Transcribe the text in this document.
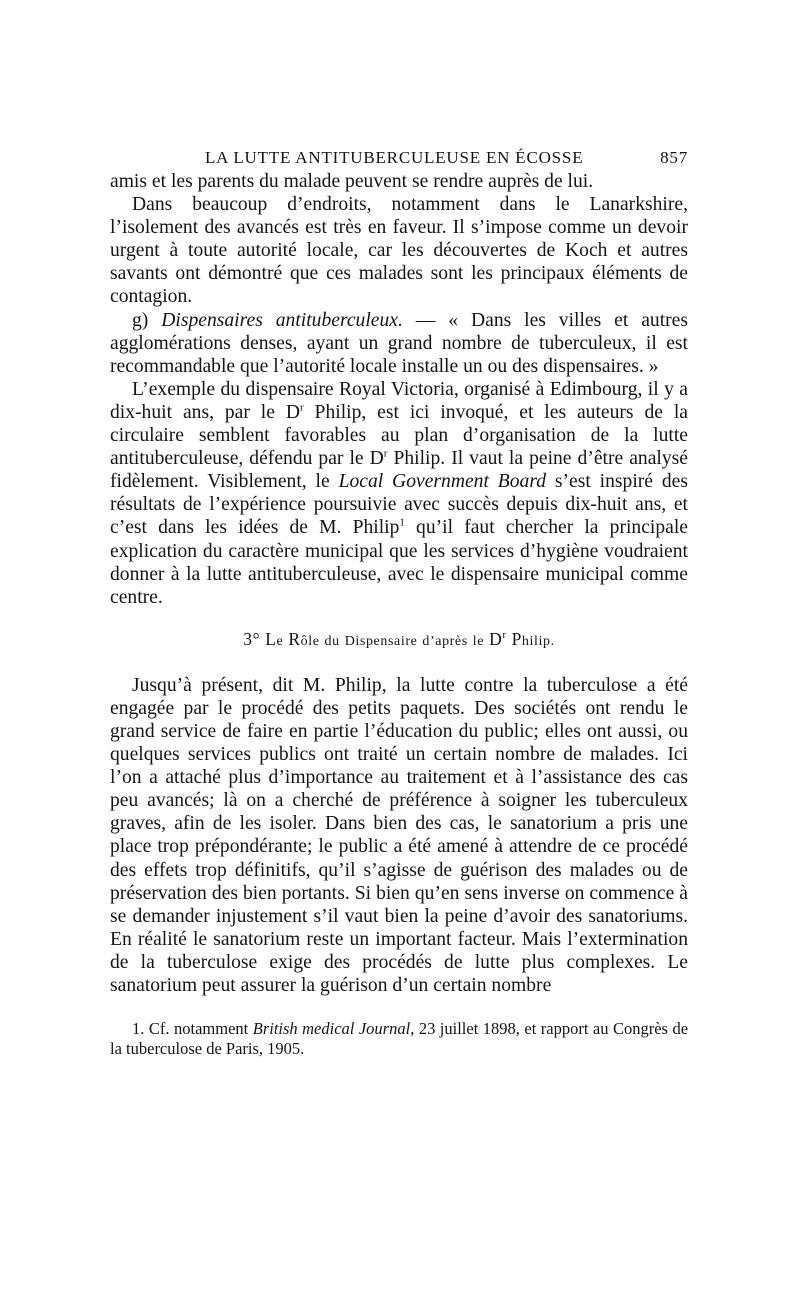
LA LUTTE ANTITUBERCULEUSE EN ÉCOSSE	857

amis et les parents du malade peuvent se rendre auprès de lui.

Dans beaucoup d’endroits, notamment dans le Lanarkshire, l’isolement des avancés est très en faveur. Il s’impose comme un devoir urgent à toute autorité locale, car les découvertes de Koch et autres savants ont démontré que ces malades sont les principaux éléments de contagion.

g) Dispensaires antituberculeux. — « Dans les villes et autres agglomérations denses, ayant un grand nombre de tuberculeux, il est recommandable que l’autorité locale installe un ou des dispensaires. »

L’exemple du dispensaire Royal Victoria, organisé à Edimbourg, il y a dix-huit ans, par le $D^r$ Philip, est ici invoqué, et les auteurs de la circulaire semblent favorables au plan d’organisation de la lutte antituberculeuse, défendu par le $D^r$ Philip. Il vaut la peine d’être analysé fidèlement. Visiblement, le Local Government Board s’est inspiré des résultats de l’expérience poursuivie avec succès depuis dix-huit ans, et c’est dans les idées de M. Philip$^1$ qu’il faut chercher la principale explication du caractère municipal que les services d’hygiène voudraient donner à la lutte antituberculeuse, avec le dispensaire municipal comme centre.

3° Le Rôle du Dispensaire d’après le $D^r$ Philip.

Jusqu’à présent, dit M. Philip, la lutte contre la tuberculose a été engagée par le procédé des petits paquets. Des sociétés ont rendu le grand service de faire en partie l’éducation du public; elles ont aussi, ou quelques services publics ont traité un certain nombre de malades. Ici l’on a attaché plus d’importance au traitement et à l’assistance des cas peu avancés; là on a cherché de préférence à soigner les tuberculeux graves, afin de les isoler. Dans bien des cas, le sanatorium a pris une place trop prépondérante; le public a été amené à attendre de ce procédé des effets trop définitifs, qu’il s’agisse de guérison des malades ou de préservation des bien portants. Si bien qu’en sens inverse on commence à se demander injustement s’il vaut bien la peine d’avoir des sanatoriums. En réalité le sanatorium reste un important facteur. Mais l’extermination de la tuberculose exige des procédés de lutte plus complexes. Le sanatorium peut assurer la guérison d’un certain nombre

1. Cf. notamment British medical Journal, 23 juillet 1898, et rapport au Congrès de la tuberculose de Paris, 1905.
